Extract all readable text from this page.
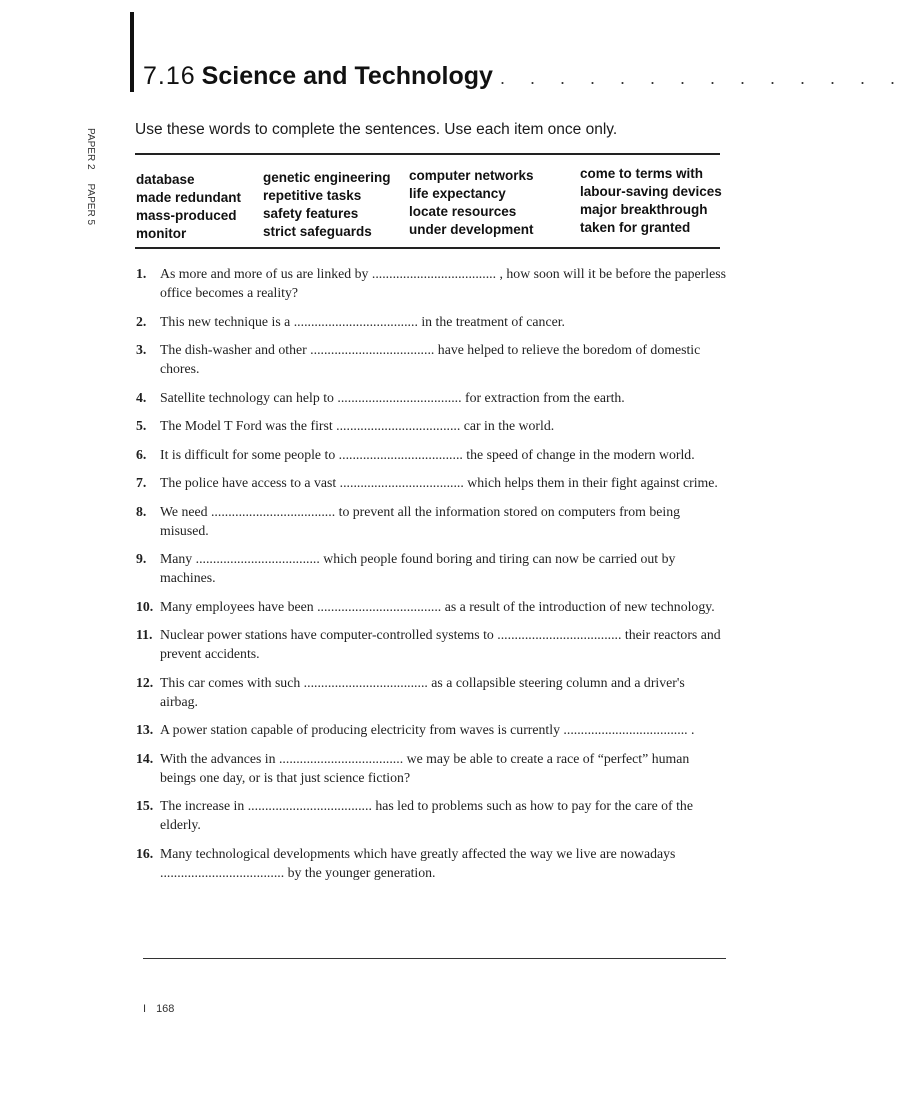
7.16 Science and Technology . . . . . . . . . . . . . .
PAPER 2PAPER 5
Use these words to complete the sentences. Use each item once only.
database
made redundant
mass-produced
monitor
genetic engineering
repetitive tasks
safety features
strict safeguards
computer networks
life expectancy
locate resources
under development
come to terms with
labour-saving devices
major breakthrough
taken for granted
1. As more and more of us are linked by .................................... , how soon will it be before the paperless office becomes a reality?
2. This new technique is a .................................... in the treatment of cancer.
3. The dish-washer and other .................................... have helped to relieve the boredom of domestic chores.
4. Satellite technology can help to .................................... for extraction from the earth.
5. The Model T Ford was the first .................................... car in the world.
6. It is difficult for some people to .................................... the speed of change in the modern world.
7. The police have access to a vast .................................... which helps them in their fight against crime.
8. We need .................................... to prevent all the information stored on computers from being misused.
9. Many .................................... which people found boring and tiring can now be carried out by machines.
10. Many employees have been .................................... as a result of the introduction of new technology.
11. Nuclear power stations have computer-controlled systems to .................................... their reactors and prevent accidents.
12. This car comes with such .................................... as a collapsible steering column and a driver's airbag.
13. A power station capable of producing electricity from waves is currently .................................... .
14. With the advances in .................................... we may be able to create a race of “perfect” human beings one day, or is that just science fiction?
15. The increase in .................................... has led to problems such as how to pay for the care of the elderly.
16. Many technological developments which have greatly affected the way we live are nowadays .................................... by the younger generation.
I 168
